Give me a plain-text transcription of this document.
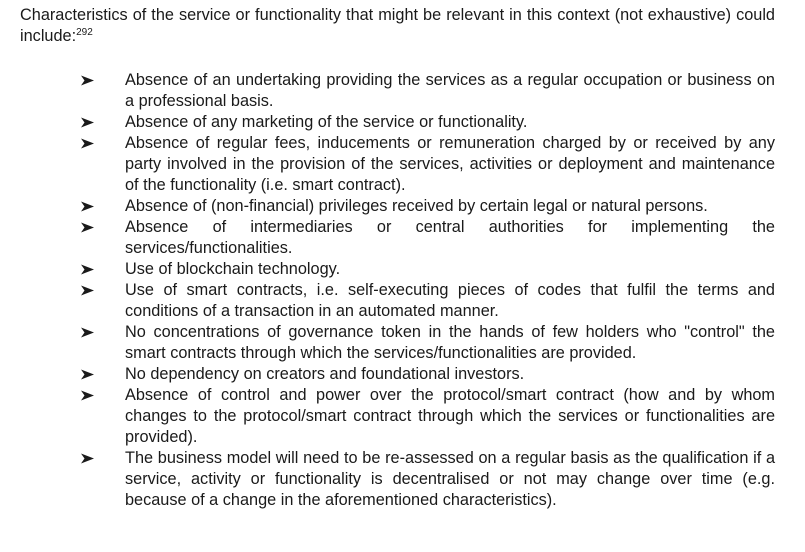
Characteristics of the service or functionality that might be relevant in this context (not exhaustive) could include:$^{292}$

Absence of an undertaking providing the services as a regular occupation or business on a professional basis.
Absence of any marketing of the service or functionality.
Absence of regular fees, inducements or remuneration charged by or received by any party involved in the provision of the services, activities or deployment and maintenance of the functionality (i.e. smart contract).
Absence of (non-financial) privileges received by certain legal or natural persons.
Absence of intermediaries or central authorities for implementing the services/functionalities.
Use of blockchain technology.
Use of smart contracts, i.e. self-executing pieces of codes that fulfil the terms and conditions of a transaction in an automated manner.
No concentrations of governance token in the hands of few holders who "control" the smart contracts through which the services/functionalities are provided.
No dependency on creators and foundational investors.
Absence of control and power over the protocol/smart contract (how and by whom changes to the protocol/smart contract through which the services or functionalities are provided).
The business model will need to be re-assessed on a regular basis as the qualification if a service, activity or functionality is decentralised or not may change over time (e.g. because of a change in the aforementioned characteristics).
